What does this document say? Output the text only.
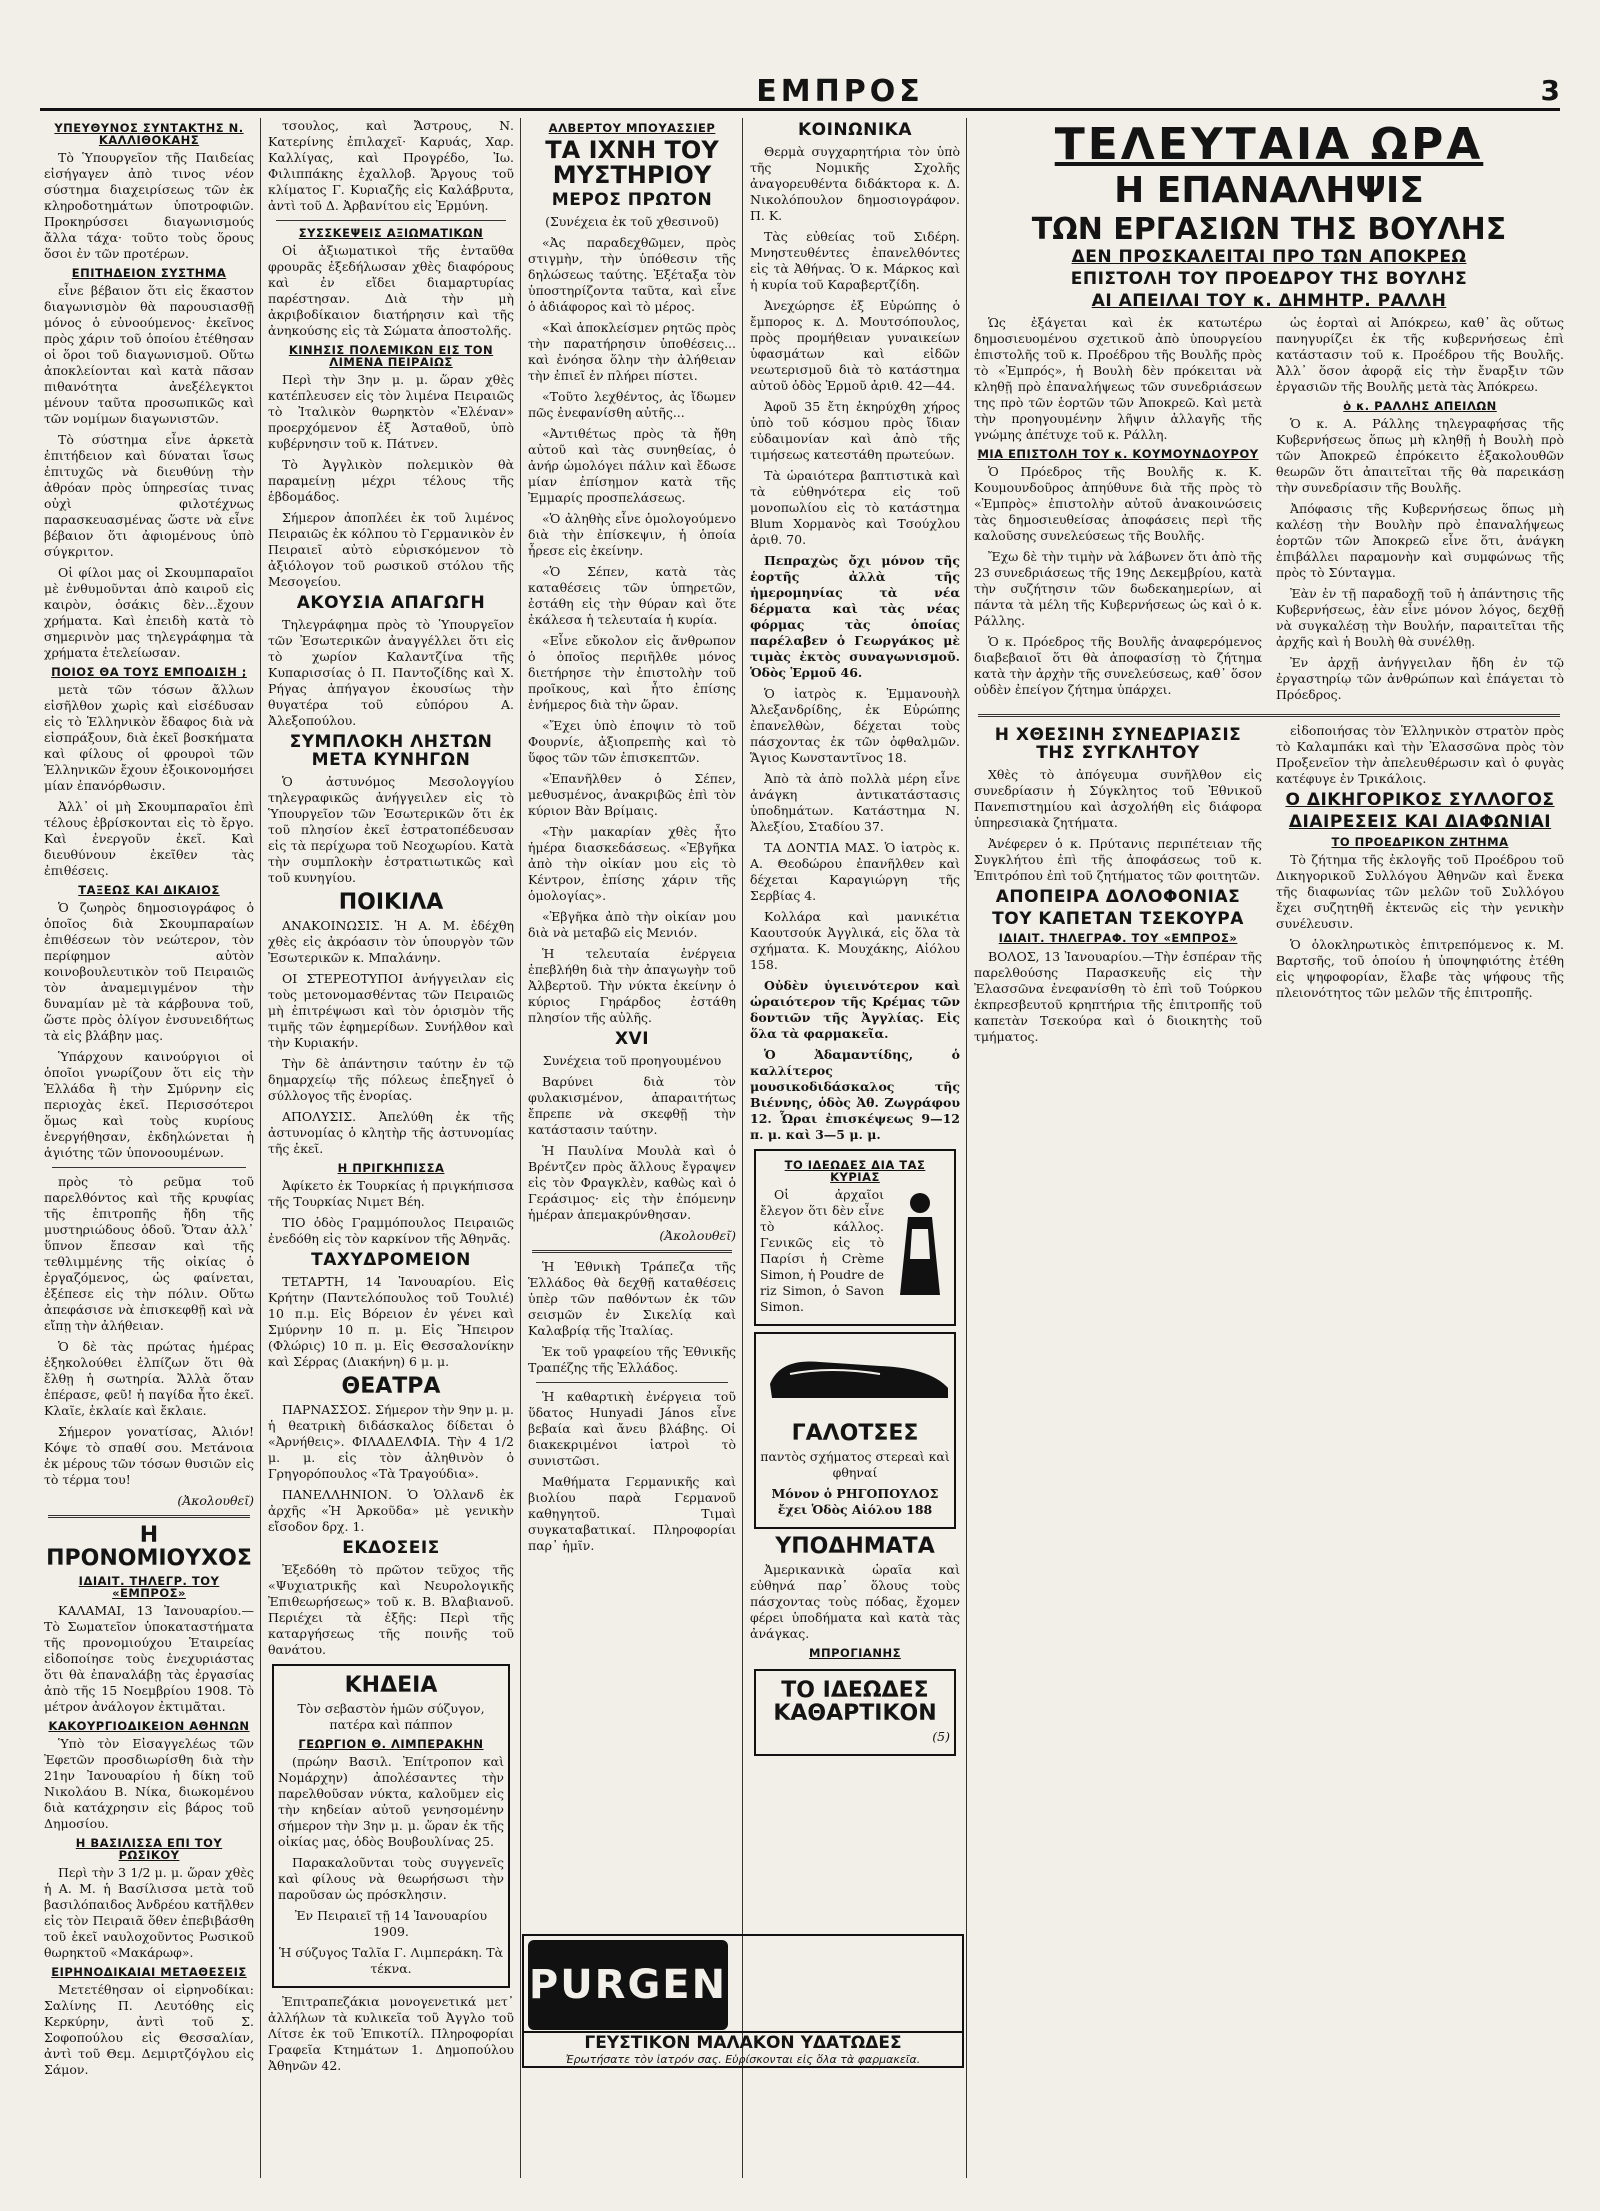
ΕΜΠΡΟΣ	3
ΥΠΕΥΘΥΝΟΣ ΣΥΝΤΑΚΤΗΣ Ν. ΚΑΛΛΙΘΟΚΑΗΣ

Τὸ Ὑπουργεῖον τῆς Παιδείας εἰσήγαγεν ἀπὸ τινος νέον σύστημα διαχειρίσεως τῶν ἐκ κληροδοτημάτων ὑποτροφιῶν. Προκηρύσσει διαγωνισμούς ἄλλα τάχα· τοῦτο τοὺς ὅρους ὅσοι ἐν τῶν προτέρων.

ΕΠΙΤΗΔΕΙΟΝ ΣΥΣΤΗΜΑ

εἶνε βέβαιον ὅτι εἰς ἕκαστον διαγωνισμὸν θὰ παρουσιασθῇ μόνος ὁ εὐνοούμενος· ἐκεῖνος πρὸς χάριν τοῦ ὁποίου ἐτέθησαν οἱ ὅροι τοῦ διαγωνισμοῦ. Οὕτω ἀποκλείονται καὶ κατὰ πᾶσαν πιθανότητα ἀνεξέλεγκτοι μένουν ταῦτα προσωπικῶς καὶ τῶν νομίμων διαγωνιστῶν.

Τὸ σύστημα εἶνε ἀρκετὰ ἐπιτήδειον καὶ δύναται ἵσως ἐπιτυχῶς νὰ διευθύνῃ τὴν ἀθρόαν πρὸς ὑπηρεσίας τινας οὐχὶ φιλοτέχνως παρασκευασμένας ὥστε νὰ εἶνε βέβαιον ὅτι ἀφιομένους ὑπὸ σύγκριτον.

Οἱ φίλοι μας οἱ Σκουμπαραῖοι μὲ ἐνθυμοῦνται ἀπὸ καιροῦ εἰς καιρὸν, ὁσάκις δὲν...ἔχουν χρήματα. Καὶ ἐπειδὴ κατὰ τὸ σημερινὸν μας τηλεγράφημα τὰ χρήματα ἐτελείωσαν.

ΠΟΙΟΣ ΘΑ ΤΟΥΣ ΕΜΠΟΔΙΣΗ ;

μετὰ τῶν τόσων ἄλλων εἰσῆλθον χωρὶς καὶ εἰσέδυσαν εἰς τὸ Ἑλληνικὸν ἔδαφος διὰ νὰ εἰσπράξουν, διὰ ἐκεῖ βοσκήματα καὶ φίλους οἱ φρουροὶ τῶν Ἑλληνικῶν ἔχουν ἐξοικονομήσει μίαν ἐπανόρθωσιν.

Ἀλλ᾽ οἱ μὴ Σκουμπαραῖοι ἐπὶ τέλους ἐβρίσκονται εἰς τὸ ἔργο. Καὶ ἐνεργοῦν ἐκεῖ. Καὶ διευθύνουν ἐκεῖθεν τὰς ἐπιθέσεις.

ΤΑΞΕΩΣ ΚΑΙ ΔΙΚΑΙΟΣ

Ὁ ζωηρὸς δημοσιογράφος ὁ ὁποῖος διὰ Σκουμπαραίων ἐπιθέσεων τὸν νεώτερον, τὸν περίφημον αὐτὸν κοινοβουλευτικὸν τοῦ Πειραιῶς τὸν ἀναμεμιγμένον τὴν δυναμίαν μὲ τὰ κάρβουνα τοῦ, ὥστε πρὸς ὀλίγον ἐνσυνειδήτως τὰ εἰς βλάβην μας.

Ὑπάρχουν καινούργιοι οἱ ὁποῖοι γνωρίζουν ὅτι εἰς τὴν Ἑλλάδα ἢ τὴν Σμύρνην εἰς περιοχὰς ἐκεῖ. Περισσότεροι ὅμως καὶ τοὺς κυρίους ἐνεργήθησαν, ἐκδηλώνεται ἡ ἁγιότης τῶν ὑπονοουμένων.

πρὸς τὸ ρεῦμα τοῦ παρελθόντος καὶ τῆς κρυφίας τῆς ἐπιτροπῆς ἤδη τῆς μυστηριώδους ὁδοῦ. Ὅταν ἀλλ᾽ ὕπνον ἔπεσαν καὶ τῆς τεθλιμμένης τῆς οἰκίας ὁ ἐργαζόμενος, ὡς φαίνεται, ἐξέπεσε εἰς τὴν πόλιν. Οὕτω ἀπεφάσισε νὰ ἐπισκεφθῇ καὶ νὰ εἴπῃ τὴν ἀλήθειαν.

Ὁ δὲ τὰς πρώτας ἡμέρας ἐξηκολούθει ἐλπίζων ὅτι θὰ ἔλθῃ ἡ σωτηρία. Ἄλλὰ ὅταν ἐπέρασε, φεῦ! ἡ παγίδα ἦτο ἐκεῖ. Κλαῖε, ἐκλαίε καὶ ἔκλαιε.

Σήμερον γονατίσας, Ἀλιόν! Κόψε τὸ σπαθί σου. Μετάνοια ἐκ μέρους τῶν τόσων θυσιῶν εἰς τὸ τέρμα του!

(Ἀκολουθεῖ)

Η ΠΡΟΝΟΜΙΟΥΧΟΣ
ΙΔΙΑΙΤ. ΤΗΛΕΓΡ. ΤΟΥ «ΕΜΠΡΟΣ»

ΚΑΛΑΜΑΙ, 13 Ἰανουαρίου.—Τὸ Σωματεῖον ὑποκαταστήματα τῆς προνομιούχου Ἑταιρείας εἰδοποίησε τοὺς ἐνεχυριάστας ὅτι θὰ ἐπαναλάβῃ τὰς ἐργασίας ἀπὸ τῆς 15 Νοεμβρίου 1908. Τὸ μέτρον ἀνάλογον ἐκτιμᾶται.

ΚΑΚΟΥΡΓΙΟΔΙΚΕΙΟΝ ΑΘΗΝΩΝ

Ὑπὸ τὸν Εἰσαγγελέως τῶν Ἐφετῶν προσδιωρίσθη διὰ τὴν 21ην Ἰανουαρίου ἡ δίκη τοῦ Νικολάου Β. Νίκα, διωκομένου διὰ κατάχρησιν εἰς βάρος τοῦ Δημοσίου.

Η ΒΑΣΙΛΙΣΣΑ ΕΠΙ ΤΟΥ ΡΩΣΙΚΟΥ

Περὶ τὴν 3 1/2 μ. μ. ὥραν χθὲς ἡ Α. Μ. ἡ Βασίλισσα μετὰ τοῦ βασιλόπαιδος Ἀνδρέου κατῆλθεν εἰς τὸν Πειραιᾶ ὅθεν ἐπεβιβάσθη τοῦ ἐκεῖ ναυλοχοῦντος Ρωσικοῦ θωρηκτοῦ «Μακάρωφ».

ΕΙΡΗΝΟΔΙΚΑΙΑΙ ΜΕΤΑΘΕΣΕΙΣ

Μετετέθησαν οἱ εἰρηνοδίκαι: Σαλίνης Π. Λευτόθης εἰς Κερκύρην, ἀντὶ τοῦ Σ. Σοφοπούλου εἰς Θεσσαλίαν, ἀντὶ τοῦ Θεμ. Δεμιρτζόγλου εἰς Σάμον.

τσουλος, καὶ Ἄστρους, Ν. Κατερίνης ἐπιλαχεῖ· Καρυάς, Χαρ. Καλλίγας, καὶ Προγρέδο, Ἰω. Φιλιππάκης ἐχαλλοβ. Ἄργους τοῦ κλίματος Γ. Κυριαζῆς εἰς Καλάβρυτα, ἀντὶ τοῦ Δ. Ἀρβανίτου εἰς Ἐρμύνη.

ΣΥΣΣΚΕΨΕΙΣ ΑΞΙΩΜΑΤΙΚΩΝ

Οἱ ἀξιωματικοὶ τῆς ἐνταῦθα φρουρᾶς ἐξεδήλωσαν χθὲς διαφόρους καὶ ἐν εἴδει διαμαρτυρίας παρέστησαν. Διὰ τὴν μὴ ἀκριβοδίκαιον διατήρησιν καὶ τῆς ἀνηκούσης εἰς τὰ Σώματα ἀποστολῆς.

ΚΙΝΗΣΙΣ ΠΟΛΕΜΙΚΩΝ ΕΙΣ ΤΟΝ ΛΙΜΕΝΑ ΠΕΙΡΑΙΩΣ

Περὶ τὴν 3ην μ. μ. ὥραν χθὲς κατέπλευσεν εἰς τὸν λιμένα Πειραιῶς τὸ Ἰταλικὸν θωρηκτὸν «Ἐλέναν» προερχόμενον ἐξ Ἀσταθοῦ, ὑπὸ κυβέρνησιν τοῦ κ. Πάτνεν.

Τὸ Ἀγγλικὸν πολεμικὸν θὰ παραμείνῃ μέχρι τέλους τῆς ἑβδομάδος.

Σήμερον ἀποπλέει ἐκ τοῦ λιμένος Πειραιῶς ἐκ κόλπου τὸ Γερμανικὸν ἐν Πειραιεῖ αὐτὸ εὑρισκόμενον τὸ ἀξιόλογον τοῦ ρωσικοῦ στόλου τῆς Μεσογείου.

ΑΚΟΥΣΙΑ ΑΠΑΓΩΓΗ

Τηλεγράφημα πρὸς τὸ Ὑπουργεῖον τῶν Ἐσωτερικῶν ἀναγγέλλει ὅτι εἰς τὸ χωρίον Καλαντζίνα τῆς Κυπαρισσίας ὁ Π. Παντοζίδης καὶ Χ. Ρήγας ἀπήγαγον ἐκουσίως τὴν θυγατέρα τοῦ εὐπόρου Α. Ἀλεξοπούλου.

ΣΥΜΠΛΟΚΗ ΛΗΣΤΩΝ ΜΕΤΑ ΚΥΝΗΓΩΝ

Ὁ ἀστυνόμος Μεσολογγίου τηλεγραφικῶς ἀνήγγειλεν εἰς τὸ Ὑπουργεῖον τῶν Ἐσωτερικῶν ὅτι ἐκ τοῦ πλησίον ἐκεῖ ἐστρατοπέδευσαν εἰς τὰ περίχωρα τοῦ Νεοχωρίου. Κατὰ τὴν συμπλοκὴν ἐστρατιωτικῶς καὶ τοῦ κυνηγίου.

ΠΟΙΚΙΛΑ

ΑΝΑΚΟΙΝΩΣΙΣ. Ἡ Α. Μ. ἐδέχθη χθὲς εἰς ἀκρόασιν τὸν ὑπουργὸν τῶν Ἐσωτερικῶν κ. Μπαλάνην.

ΟΙ ΣΤΕΡΕΟΤΥΠΟΙ ἀνήγγειλαν εἰς τοὺς μετονομασθέντας τῶν Πειραιῶς μὴ ἐπιτρέψωσι καὶ τὸν ὁρισμὸν τῆς τιμῆς τῶν ἐφημερίδων. Συνήλθον καὶ τὴν Κυριακήν.

Τὴν δὲ ἀπάντησιν ταύτην ἐν τῷ δημαρχείῳ τῆς πόλεως ἐπεξηγεῖ ὁ σύλλογος τῆς ἐνορίας.

ΑΠΟΛΥΣΙΣ. Ἀπελύθη ἐκ τῆς ἀστυνομίας ὁ κλητὴρ τῆς ἀστυνομίας τῆς ἐκεῖ.

Η ΠΡΙΓΚΗΠΙΣΣΑ

Ἀφίκετο ἐκ Τουρκίας ἡ πριγκήπισσα τῆς Τουρκίας Νιμετ Βέη.

ΤΙΟ ὁδὸς Γραμμόπουλος Πειραιῶς ἐνεδόθη εἰς τὸν καρκίνον τῆς Ἀθηνᾶς.

ΤΑΧΥΔΡΟΜΕΙΟΝ

ΤΕΤΑΡΤΗ, 14 Ἰανουαρίου. Εἰς Κρήτην (Παντελόπουλος τοῦ Τουλιέ) 10 π.μ. Εἰς Βόρειον ἐν γένει καὶ Σμύρνην 10 π. μ. Εἰς Ἤπειρον (Φλώρις) 10 π. μ. Εἰς Θεσσαλονίκην καὶ Σέρρας (Διακήνη) 6 μ. μ.

ΘΕΑΤΡΑ

ΠΑΡΝΑΣΣΟΣ. Σήμερον τὴν 9ην μ. μ. ἡ θεατρικὴ διδάσκαλος δίδεται ὁ «Ἀρνήθεις». ΦΙΛΑΔΕΛΦΙΑ. Τὴν 4 1/2 μ. μ. εἰς τὸν ἀληθινὸν ὁ Γρηγορόπουλος «Τὰ Τραγούδια».

ΠΑΝΕΛΛΗΝΙΟΝ. Ὁ Ὁλλανδ ἐκ ἀρχῆς «Ἡ Ἀρκοῦδα» μὲ γενικὴν εἴσοδον δρχ. 1.

ΕΚΔΟΣΕΙΣ

Ἐξεδόθη τὸ πρῶτον τεῦχος τῆς «Ψυχιατρικῆς καὶ Νευρολογικῆς Ἐπιθεωρήσεως» τοῦ κ. Β. Βλαβιανοῦ. Περιέχει τὰ ἐξῆς: Περὶ τῆς καταργήσεως τῆς ποινῆς τοῦ θανάτου.

ΚΗΔΕΙΑ

Τὸν σεβαστὸν ἡμῶν σύζυγον, πατέρα καὶ πάππον

ΓΕΩΡΓΙΟΝ Θ. ΛΙΜΠΕΡΑΚΗΝ

(πρώην Βασιλ. Ἐπίτροπον καὶ Νομάρχην) ἀπολέσαντες τὴν παρελθοῦσαν νύκτα, καλοῦμεν εἰς τὴν κηδείαν αὐτοῦ γενησομένην σήμερον τὴν 3ην μ. μ. ὥραν ἐκ τῆς οἰκίας μας, ὁδὸς Βουβουλίνας 25.

Παρακαλοῦνται τοὺς συγγενεῖς καὶ φίλους νὰ θεωρήσωσι τὴν παροῦσαν ὡς πρόσκλησιν.

Ἐν Πειραιεῖ τῇ 14 Ἰανουαρίου 1909.

Ἡ σύζυγος Ταλῖα Γ. Λιμπεράκη. Τὰ τέκνα.

Ἐπιτραπεζάκια μονογενετικά μετ᾽ ἀλλήλων τὰ κυλικεῖα τοῦ Ἀγγλο τοῦ Λίτσε ἐκ τοῦ Ἐπικοτίλ. Πληροφορίαι Γραφεῖα Κτημάτων 1. Δημοπούλου Ἀθηνῶν 42.

ΑΛΒΕΡΤΟΥ ΜΠΟΥΑΣΣΙΕΡ
ΤΑ ΙΧΝΗ ΤΟΥ ΜΥΣΤΗΡΙΟΥ
ΜΕΡΟΣ ΠΡΩΤΟΝ

(Συνέχεια ἐκ τοῦ χθεσινοῦ)

«Ἀς παραδεχθῶμεν, πρὸς στιγμὴν, τὴν ὑπόθεσιν τῆς δηλώσεως ταύτης. Ἐξέταξα τὸν ὑποστηρίζοντα ταῦτα, καὶ εἶνε ὁ ἀδιάφορος καὶ τὸ μέρος.

«Καὶ ἀποκλείσμεν ρητῶς πρὸς τὴν παρατήρησιν ὑποθέσεις... καὶ ἐνόησα ὅλην τὴν ἀλήθειαν τὴν ἐπιεῖ ἐν πλήρει πίστει.

«Τοῦτο λεχθέντος, ἀς ἴδωμεν πῶς ἐνεφανίσθη αὐτῆς...

«Ἀντιθέτως πρὸς τὰ ἤθη αὐτοῦ καὶ τὰς συνηθείας, ὁ ἀνήρ ὡμολόγει πάλιν καὶ ἔδωσε μίαν ἐπίσημον κατὰ τῆς Ἐμμαρίς προσπελάσεως.

«Ὁ ἀληθὴς εἶνε ὁμολογούμενο διὰ τὴν ἐπίσκεψιν, ἡ ὁποία ἦρεσε εἰς ἐκείνην.

«Ὁ Σέπεν, κατὰ τὰς καταθέσεις τῶν ὑπηρετῶν, ἐστάθη εἰς τὴν θύραν καὶ ὅτε ἐκάλεσα ἡ τελευταία ἡ κυρία.

«Εἶνε εὔκολον εἰς ἄνθρωπον ὁ ὁποῖος περιῆλθε μόνος διετήρησε τὴν ἐπιστολὴν τοῦ προῖκους, καὶ ἦτο ἐπίσης ἐνήμερος διὰ τὴν ὥραν.

«Ἔχει ὑπὸ ἐποψιν τὸ τοῦ Φουρνίε, ἀξιοπρεπὴς καὶ τὸ ὕφος τῶν τῶν ἐπισκεπτῶν.

«Ἐπανῆλθεν ὁ Σέπεν, μεθυσμένος, ἀνακριβῶς ἐπὶ τὸν κύριον Βὰν Βρίμαις.

«Τὴν μακαρίαν χθὲς ἦτο ἡμέρα διασκεδάσεως. «Ἐβγῆκα ἀπὸ τὴν οἰκίαν μου εἰς τὸ Κέντρον, ἐπίσης χάριν τῆς ὁμολογίας».

«Ἐβγῆκα ἀπὸ τὴν οἰκίαν μου διὰ νὰ μεταβῶ εἰς Μενιόν.

Ἡ τελευταία ἐνέργεια ἐπεβλήθη διὰ τὴν ἀπαγωγὴν τοῦ Ἀλβερτοῦ. Τὴν νύκτα ἐκείνην ὁ κύριος Γηράρδος ἐστάθη πλησίον τῆς αὐλῆς.

XVI

Συνέχεια τοῦ προηγουμένου

Βαρύνει διὰ τὸν φυλακισμένον, ἀπαραιτήτως ἔπρεπε νὰ σκεφθῇ τὴν κατάστασιν ταύτην.

Ἡ Παυλίνα Μουλὰ καὶ ὁ Βρέντζεν πρὸς ἄλλους ἔγραψεν εἰς τὸν Φραγκλὲν, καθὼς καὶ ὁ Γεράσιμος· εἰς τὴν ἐπόμενην ἡμέραν ἀπεμακρύνθησαν.

(Ἀκολουθεῖ)

Ἡ Ἐθνικὴ Τράπεζα τῆς Ἑλλάδος θὰ δεχθῇ καταθέσεις ὑπὲρ τῶν παθόντων ἐκ τῶν σεισμῶν ἐν Σικελίᾳ καὶ Καλαβρίᾳ τῆς Ἰταλίας.

Ἐκ τοῦ γραφείου τῆς Ἐθνικῆς Τραπέζης τῆς Ἑλλάδος.

Ἡ καθαρτικὴ ἐνέργεια τοῦ ὕδατος Hunyadi János εἶνε βεβαία καὶ ἄνευ βλάβης. Οἱ διακεκριμένοι ἰατροὶ τὸ συνιστῶσι.

Μαθήματα Γερμανικῆς καὶ βιολίου παρὰ Γερμανοῦ καθηγητοῦ. Τιμαὶ συγκαταβατικαί. Πληροφορίαι παρ᾽ ἡμῖν.

ΚΟΙΝΩΝΙΚΑ

Θερμὰ συγχαρητήρια τὸν ὑπὸ τῆς Νομικῆς Σχολῆς ἀναγορευθέντα διδάκτορα κ. Δ. Νικολόπουλον δημοσιογράφον. Π. Κ.

Τὰς εὐθείας τοῦ Σιδέρη. Μνηστευθέντες ἐπανελθόντες εἰς τὰ Ἀθήνας. Ὁ κ. Μάρκος καὶ ἡ κυρία τοῦ Καραβερτζίδη.

Ἀνεχώρησε ἐξ Εὐρώπης ὁ ἔμπορος κ. Δ. Μουτσόπουλος, πρὸς προμήθειαν γυναικείων ὑφασμάτων καὶ εἰδῶν νεωτερισμοῦ διὰ τὸ κατάστημα αὐτοῦ ὁδὸς Ἑρμοῦ ἀριθ. 42—44.

Ἀφοῦ 35 ἔτη ἐκηρύχθη χήρος ὑπὸ τοῦ κόσμου πρὸς ἴδιαν εὐδαιμονίαν καὶ ἀπὸ τῆς τιμήσεως κατεστάθη πρωτεύων.

Τὰ ὡραιότερα βαπτιστικὰ καὶ τὰ εὐθηνότερα εἰς τοῦ μονοπωλίου εἰς τὸ κατάστημα Blum Χορμανὸς καὶ Τσούχλου ἀριθ. 70.

Πεπραχὼς ὄχι μόνον τῆς ἑορτῆς ἀλλὰ τῆς ἡμερομηνίας τὰ νέα δέρματα καὶ τὰς νέας φόρμας τὰς ὁποίας παρέλαβεν ὁ Γεωργάκος μὲ τιμὰς ἐκτὸς συναγωνισμοῦ. Ὁδὸς Ἑρμοῦ 46.

Ὁ ἰατρὸς κ. Ἐμμανουὴλ Ἀλεξανδρίδης, ἐκ Εὐρώπης ἐπανελθὼν, δέχεται τοὺς πάσχοντας ἐκ τῶν ὀφθαλμῶν. Ἅγιος Κωνσταντῖνος 18.

Ἀπὸ τὰ ἀπὸ πολλὰ μέρη εἶνε ἀνάγκη ἀντικατάστασις ὑποδημάτων. Κατάστημα Ν. Ἀλεξίου, Σταδίου 37.

ΤΑ ΔΟΝΤΙΑ ΜΑΣ. Ὁ ἰατρὸς κ. Α. Θεοδώρου ἐπανῆλθεν καὶ δέχεται Καραγιώργη τῆς Σερβίας 4.

Κολλάρα καὶ μανικέτια Καουτσούκ Ἀγγλικά, εἰς ὅλα τὰ σχήματα. Κ. Μουχάκης, Αἰόλου 158.

Οὐδὲν ὑγιεινότερον καὶ ὡραιότερον τῆς Κρέμας τῶν δοντιῶν τῆς Ἀγγλίας. Εἰς ὅλα τὰ φαρμακεῖα.

Ὁ Ἀδαμαντίδης, ὁ καλλίτερος μουσικοδιδάσκαλος τῆς Βιέννης, ὁδὸς Ἀθ. Ζωγράφου 12. Ὧραι ἐπισκέψεως 9—12 π. μ. καὶ 3—5 μ. μ.

ΤΟ ΙΔΕΩΔΕΣ ΔΙΑ ΤΑΣ ΚΥΡΙΑΣ

Οἱ ἀρχαῖοι ἔλεγον ὅτι δὲν εἶνε τὸ κάλλος. Γενικῶς εἰς τὸ Παρίσι ἡ Crème Simon, ἡ Poudre de riz Simon, ὁ Savon Simon.

ΓΑΛΟΤΣΕΣ

παντὸς σχήματος στερεαὶ καὶ φθηναί

Μόνον ὁ ΡΗΓΟΠΟΥΛΟΣ ἔχει Ὁδὸς Αἰόλου 188

ΥΠΟΔΗΜΑΤΑ

Ἀμερικανικὰ ὡραῖα καὶ εὐθηνά παρ᾽ ὅλους τοὺς πάσχοντας τοὺς πόδας, ἔχομεν φέρει ὑποδήματα καὶ κατὰ τὰς ἀνάγκας.

ΜΠΡΟΓΙΑΝΗΣ
ΤΟ ΙΔΕΩΔΕΣ ΚΑΘΑΡΤΙΚΟΝ

(5)

PURGEN
ΓΕΥΣΤΙΚΟΝ ΜΑΛΑΚΟΝ ΥΔΑΤΩΔΕΣ
Ἐρωτήσατε τὸν ἰατρόν σας. Εὑρίσκονται εἰς ὅλα τὰ φαρμακεῖα.
ΤΕΛΕΥΤΑΙΑ ΩΡΑ
Η ΕΠΑΝΑΛΗΨΙΣ
ΤΩΝ ΕΡΓΑΣΙΩΝ ΤΗΣ ΒΟΥΛΗΣ
ΔΕΝ ΠΡΟΣΚΑΛΕΙΤΑΙ ΠΡΟ ΤΩΝ ΑΠΟΚΡΕΩ
ΕΠΙΣΤΟΛΗ ΤΟΥ ΠΡΟΕΔΡΟΥ ΤΗΣ ΒΟΥΛΗΣ
ΑΙ ΑΠΕΙΛΑΙ ΤΟΥ κ. ΔΗΜΗΤΡ. ΡΑΛΛΗ

Ὡς ἐξάγεται καὶ ἐκ κατωτέρω δημοσιευομένου σχετικοῦ ἀπὸ ὑπουργείου ἐπιστολῆς τοῦ κ. Προέδρου τῆς Βουλῆς πρὸς τὸ «Ἐμπρός», ἡ Βουλὴ δὲν πρόκειται νὰ κληθῇ πρὸ ἐπαναλήψεως τῶν συνεδριάσεων της πρὸ τῶν ἑορτῶν τῶν Ἀποκρεῶ. Καὶ μετὰ τὴν προηγουμένην λῆψιν ἀλλαγῆς τῆς γνώμης ἀπέτυχε τοῦ κ. Ράλλη.

ΜΙΑ ΕΠΙΣΤΟΛΗ ΤΟΥ κ. ΚΟΥΜΟΥΝΔΟΥΡΟΥ

Ὁ Πρόεδρος τῆς Βουλῆς κ. Κ. Κουμουνδοῦρος ἀπηύθυνε διὰ τῆς πρὸς τὸ «Ἐμπρὸς» ἐπιστολὴν αὐτοῦ ἀνακοινώσεις τὰς δημοσιευθείσας ἀποφάσεις περὶ τῆς καλοῦσης συνελεύσεως τῆς Βουλῆς.

Ἔχω δὲ τὴν τιμὴν νὰ λάβωνεν ὅτι ἀπὸ τῆς 23 συνεδριάσεως τῆς 19ης Δεκεμβρίου, κατὰ τὴν συζήτησιν τῶν δωδεκαημερίων, αἱ πάντα τὰ μέλη τῆς Κυβερνήσεως ὡς καὶ ὁ κ. Ράλλης.

Ὁ κ. Πρόεδρος τῆς Βουλῆς ἀναφερόμενος διαβεβαιοῖ ὅτι θὰ ἀποφασίσῃ τὸ ζήτημα κατὰ τὴν ἀρχὴν τῆς συνελεύσεως, καθ᾽ ὅσον οὐδὲν ἐπείγον ζήτημα ὑπάρχει.

ὡς ἑορταὶ αἱ Ἀπόκρεω, καθ᾽ ἃς οὕτως πανηγυρίζει ἐκ τῆς κυβερνήσεως ἐπὶ κατάστασιν τοῦ κ. Προέδρου τῆς Βουλῆς. Ἀλλ᾽ ὅσον ἀφορᾷ εἰς τὴν ἔναρξιν τῶν ἐργασιῶν τῆς Βουλῆς μετὰ τὰς Ἀπόκρεω.

ὁ κ. ΡΑΛΛΗΣ ΑΠΕΙΛΩΝ

Ὁ κ. Α. Ράλλης τηλεγραφήσας τῆς Κυβερνήσεως ὅπως μὴ κληθῇ ἡ Βουλὴ πρὸ τῶν Ἀποκρεῶ ἐπρόκειτο ἐξακολουθῶν θεωρῶν ὅτι ἀπαιτεῖται τῆς θὰ παρεικάσῃ τὴν συνεδρίασιν τῆς Βουλῆς.

Ἀπόφασις τῆς Κυβερνήσεως ὅπως μὴ καλέσῃ τὴν Βουλὴν πρὸ ἐπαναλήψεως ἑορτῶν τῶν Ἀποκρεῶ εἶνε ὅτι, ἀνάγκη ἐπιβάλλει παραμονὴν καὶ συμφώνως τῆς πρὸς τὸ Σύνταγμα.

Ἐὰν ἐν τῇ παραδοχῇ τοῦ ἡ ἀπάντησις τῆς Κυβερνήσεως, ἐὰν εἶνε μόνον λόγος, δεχθῇ νὰ συγκαλέσῃ τὴν Βουλήν, παραιτεῖται τῆς ἀρχῆς καὶ ἡ Βουλὴ θὰ συνέλθῃ.

Ἐν ἀρχῇ ἀνήγγειλαν ἤδη ἐν τῷ ἐργαστηρίῳ τῶν ἀνθρώπων καὶ ἐπάγεται τὸ Πρόεδρος.

Η ΧΘΕΣΙΝΗ ΣΥΝΕΔΡΙΑΣΙΣ ΤΗΣ ΣΥΓΚΛΗΤΟΥ

Χθὲς τὸ ἀπόγευμα συνῆλθον εἰς συνεδρίασιν ἡ Σύγκλητος τοῦ Ἐθνικοῦ Πανεπιστημίου καὶ ἀσχολήθη εἰς διάφορα ὑπηρεσιακὰ ζητήματα.

Ἀνέφερεν ὁ κ. Πρύτανις περιπέτειαν τῆς Συγκλήτου ἐπὶ τῆς ἀποφάσεως τοῦ κ. Ἐπιτρόπου ἐπὶ τοῦ ζητήματος τῶν φοιτητῶν.

ΑΠΟΠΕΙΡΑ ΔΟΛΟΦΟΝΙΑΣ
ΤΟΥ ΚΑΠΕΤΑΝ ΤΣΕΚΟΥΡΑ
ΙΔΙΑΙΤ. ΤΗΛΕΓΡΑΦ. ΤΟΥ «ΕΜΠΡΟΣ»

ΒΟΛΟΣ, 13 Ἰανουαρίου.—Τὴν ἑσπέραν τῆς παρελθούσης Παρασκευῆς εἰς τὴν Ἐλασσῶνα ἐνεφανίσθη τὸ ἐπὶ τοῦ Τούρκου ἐκπρεσβευτοῦ κρηπτήρια τῆς ἐπιτροπῆς τοῦ καπετὰν Τσεκούρα καὶ ὁ διοικητὴς τοῦ τμήματος.

εἰδοποιήσας τὸν Ἑλληνικὸν στρατὸν πρὸς τὸ Καλαμπάκι καὶ τὴν Ἐλασσῶνα πρὸς τὸν Προξενεῖον τὴν ἀπελευθέρωσιν καὶ ὁ φυγὰς κατέφυγε ἐν Τρικάλοις.

Ο ΔΙΚΗΓΟΡΙΚΟΣ ΣΥΛΛΟΓΟΣ
ΔΙΑΙΡΕΣΕΙΣ ΚΑΙ ΔΙΑΦΩΝΙΑΙ
ΤΟ ΠΡΟΕΔΡΙΚΟΝ ΖΗΤΗΜΑ

Τὸ ζήτημα τῆς ἐκλογῆς τοῦ Προέδρου τοῦ Δικηγορικοῦ Συλλόγου Ἀθηνῶν καὶ ἔνεκα τῆς διαφωνίας τῶν μελῶν τοῦ Συλλόγου ἔχει συζητηθῆ ἐκτενῶς εἰς τὴν γενικὴν συνέλευσιν.

Ὁ ὁλοκληρωτικὸς ἐπιτρεπόμενος κ. Μ. Βαρτσῆς, τοῦ ὁποίου ἡ ὑποψηφιότης ἐτέθη εἰς ψηφοφορίαν, ἔλαβε τὰς ψήφους τῆς πλειονότητος τῶν μελῶν τῆς ἐπιτροπῆς.
